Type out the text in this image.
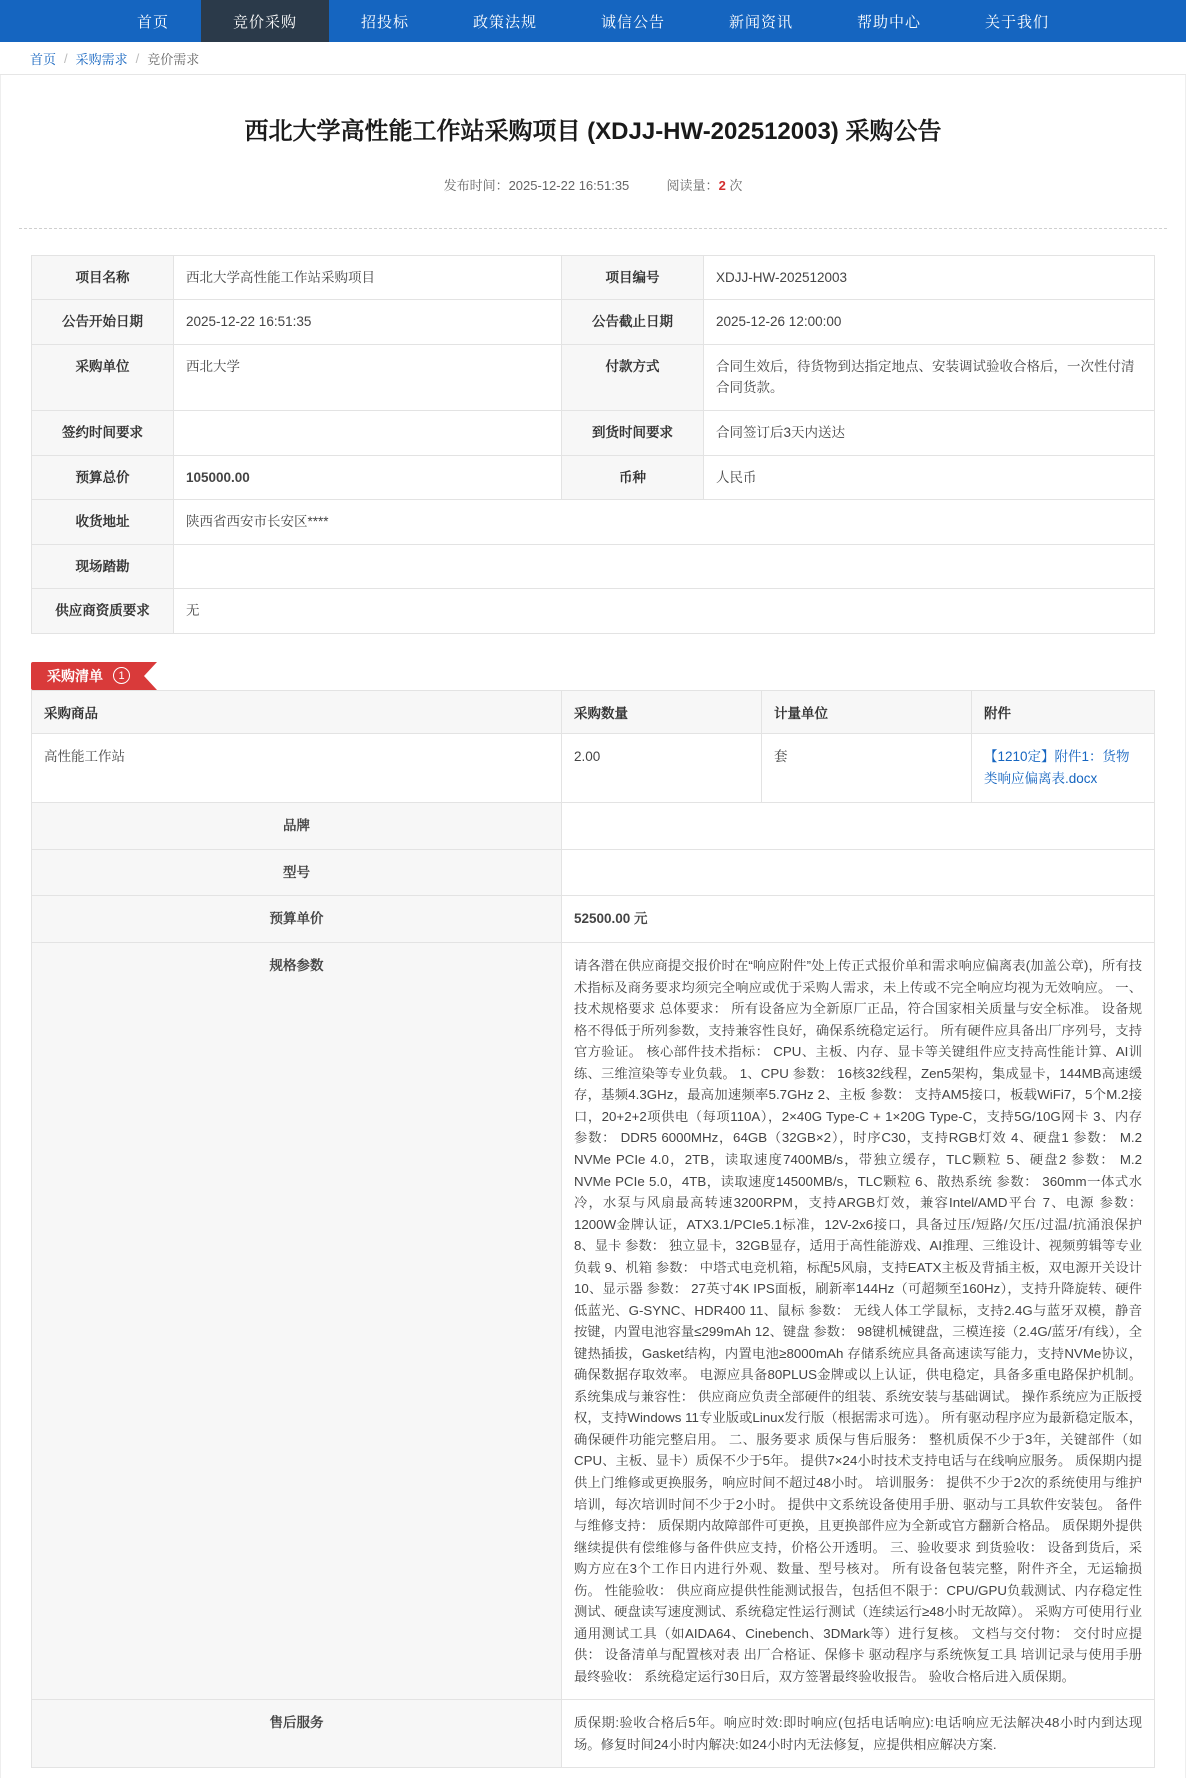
首页	竞价采购	招投标	政策法规	诚信公告	新闻资讯	帮助中心	关于我们
首页 / 采购需求 / 竞价需求
西北大学高性能工作站采购项目 (XDJJ-HW-202512003) 采购公告
发布时间：2025-12-22 16:51:35	阅读量：2 次
项目名称	西北大学高性能工作站采购项目	项目编号	XDJJ-HW-202512003
公告开始日期	2025-12-22 16:51:35	公告截止日期	2025-12-26 12:00:00
采购单位	西北大学	付款方式	合同生效后，待货物到达指定地点、安装调试验收合格后，一次性付清合同货款。
签约时间要求		到货时间要求	合同签订后3天内送达
预算总价	105000.00	币种	人民币
收货地址	陕西省西安市长安区****		
现场踏勘			
供应商资质要求	无		
采购清单	1
采购商品	采购数量	计量单位	附件
高性能工作站	2.00	套	【1210定】附件1：货物类响应偏离表.docx
品牌			
型号			
预算单价	52500.00 元		
规格参数	请各潜在供应商提交报价时在“响应附件”处上传正式报价单和需求响应偏离表(加盖公章)，所有技术指标及商务要求均须完全响应或优于采购人需求，未上传或不完全响应均视为无效响应。 一、技术规格要求 总体要求： 所有设备应为全新原厂正品，符合国家相关质量与安全标准。 设备规格不得低于所列参数，支持兼容性良好，确保系统稳定运行。 所有硬件应具备出厂序列号，支持官方验证。 核心部件技术指标： CPU、主板、内存、显卡等关键组件应支持高性能计算、AI训练、三维渲染等专业负载。 1、CPU 参数： 16核32线程，Zen5架构，集成显卡，144MB高速缓存，基频4.3GHz，最高加速频率5.7GHz 2、主板 参数： 支持AM5接口，板载WiFi7，5个M.2接口，20+2+2项供电（每项110A），2×40G Type-C + 1×20G Type-C，支持5G/10G网卡 3、内存 参数： DDR5 6000MHz，64GB（32GB×2），时序C30，支持RGB灯效 4、硬盘1 参数： M.2 NVMe PCIe 4.0，2TB，读取速度7400MB/s，带独立缓存，TLC颗粒 5、硬盘2 参数： M.2 NVMe PCIe 5.0，4TB，读取速度14500MB/s，TLC颗粒 6、散热系统 参数： 360mm一体式水冷，水泵与风扇最高转速3200RPM，支持ARGB灯效，兼容Intel/AMD平台 7、电源 参数： 1200W金牌认证，ATX3.1/PCIe5.1标准，12V-2x6接口，具备过压/短路/欠压/过温/抗涌浪保护 8、显卡 参数： 独立显卡，32GB显存，适用于高性能游戏、AI推理、三维设计、视频剪辑等专业负载 9、机箱 参数： 中塔式电竞机箱，标配5风扇，支持EATX主板及背插主板，双电源开关设计 10、显示器 参数： 27英寸4K IPS面板，刷新率144Hz（可超频至160Hz），支持升降旋转、硬件低蓝光、G-SYNC、HDR400 11、鼠标 参数： 无线人体工学鼠标，支持2.4G与蓝牙双模，静音按键，内置电池容量≤299mAh 12、键盘 参数： 98键机械键盘，三模连接（2.4G/蓝牙/有线），全键热插拔，Gasket结构，内置电池≥8000mAh 存储系统应具备高速读写能力，支持NVMe协议，确保数据存取效率。 电源应具备80PLUS金牌或以上认证，供电稳定，具备多重电路保护机制。 系统集成与兼容性： 供应商应负责全部硬件的组装、系统安装与基础调试。 操作系统应为正版授权，支持Windows 11专业版或Linux发行版（根据需求可选）。 所有驱动程序应为最新稳定版本，确保硬件功能完整启用。 二、服务要求 质保与售后服务： 整机质保不少于3年，关键部件（如CPU、主板、显卡）质保不少于5年。 提供7×24小时技术支持电话与在线响应服务。 质保期内提供上门维修或更换服务，响应时间不超过48小时。 培训服务： 提供不少于2次的系统使用与维护培训，每次培训时间不少于2小时。 提供中文系统设备使用手册、驱动与工具软件安装包。 备件与维修支持： 质保期内故障部件可更换，且更换部件应为全新或官方翻新合格品。 质保期外提供继续提供有偿维修与备件供应支持，价格公开透明。 三、验收要求 到货验收： 设备到货后，采购方应在3个工作日内进行外观、数量、型号核对。 所有设备包装完整，附件齐全，无运输损伤。 性能验收： 供应商应提供性能测试报告，包括但不限于：CPU/GPU负载测试、内存稳定性测试、硬盘读写速度测试、系统稳定性运行测试（连续运行≥48小时无故障）。 采购方可使用行业通用测试工具（如AIDA64、Cinebench、3DMark等）进行复核。 文档与交付物： 交付时应提供： 设备清单与配置核对表 出厂合格证、保修卡 驱动程序与系统恢复工具 培训记录与使用手册 最终验收： 系统稳定运行30日后，双方签署最终验收报告。 验收合格后进入质保期。		
售后服务	质保期:验收合格后5年。响应时效:即时响应(包括电话响应):电话响应无法解决48小时内到达现场。修复时间24小时内解决:如24小时内无法修复，应提供相应解决方案.		
